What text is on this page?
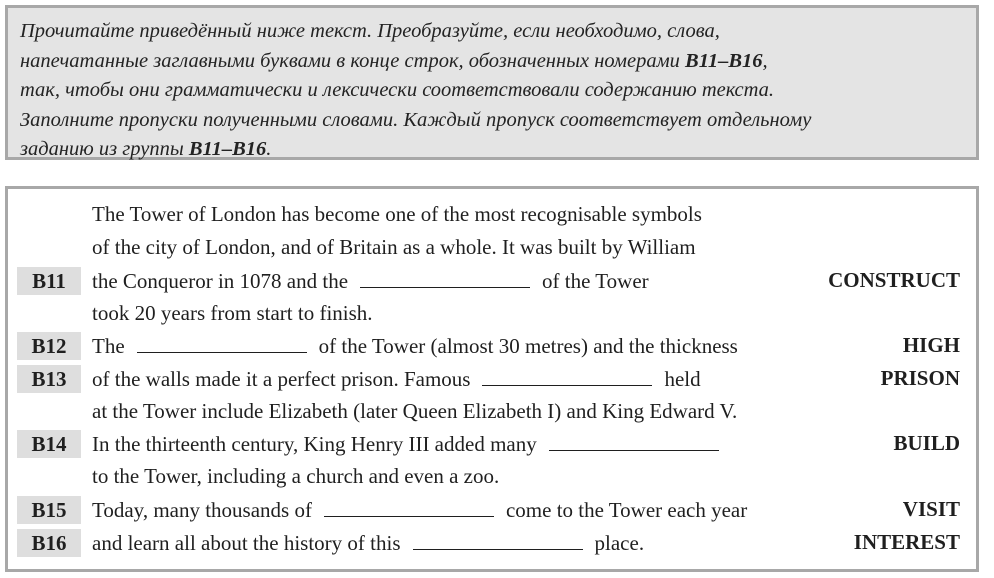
Прочитайте приведённый ниже текст. Преобразуйте, если необходимо, слова,

напечатанные заглавными буквами в конце строк, обозначенных номерами B11–B16,

так, чтобы они грамматически и лексически соответствовали содержанию текста.

Заполните пропуски полученными словами. Каждый пропуск соответствует отдельному

заданию из группы B11–B16.

The Tower of London has become one of the most recognisable symbols
of the city of London, and of Britain as a whole. It was built by William
B11	the Conqueror in 1078 and the	of the Tower	CONSTRUCT
took 20 years from start to finish.
B12	The	of the Tower (almost 30 metres) and the thickness	HIGH
B13	of the walls made it a perfect prison. Famous	held	PRISON
at the Tower include Elizabeth (later Queen Elizabeth I) and King Edward V.
B14	In the thirteenth century, King Henry III added many	BUILD
to the Tower, including a church and even a zoo.
B15	Today, many thousands of	come to the Tower each year	VISIT
B16	and learn all about the history of this	place.	INTEREST
